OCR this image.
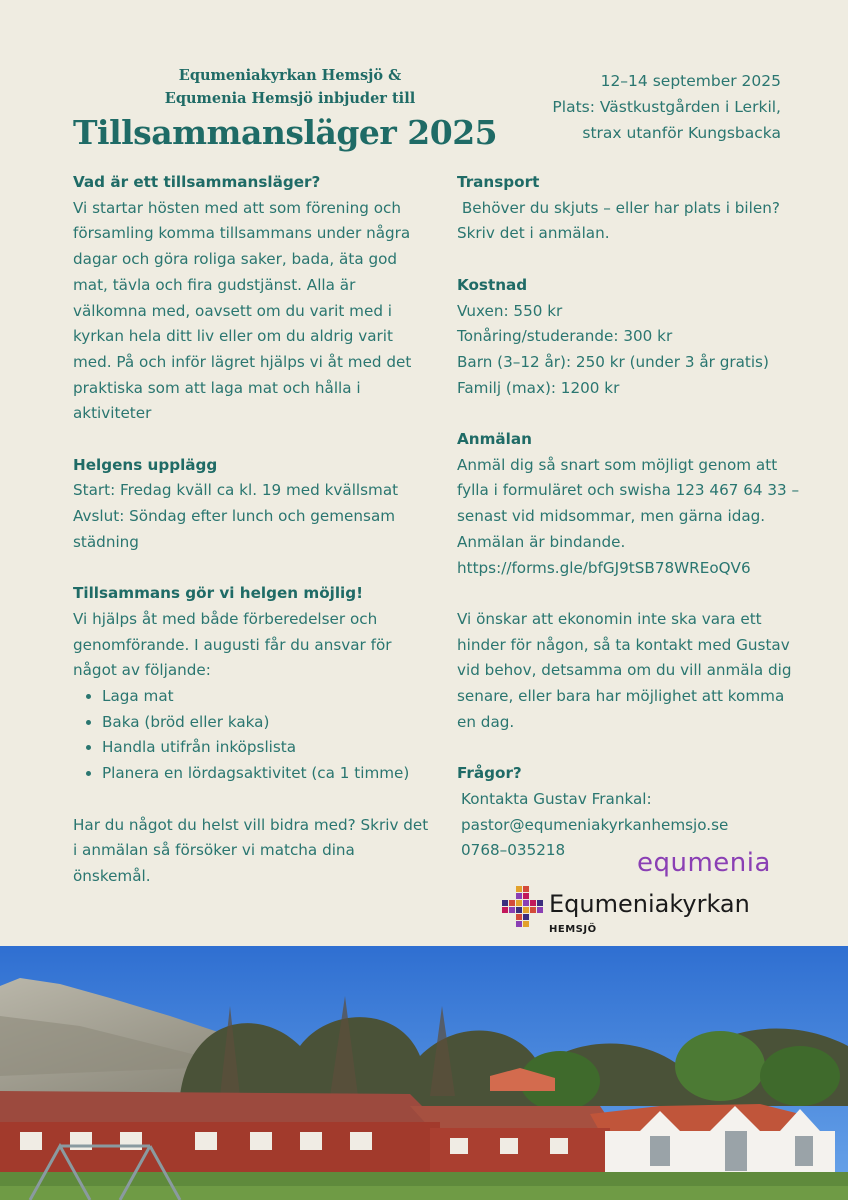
Equmeniakyrkan Hemsjö &
Equmenia Hemsjö inbjuder till
Tillsammansläger 2025
12–14 september 2025
Plats: Västkustgården i Lerkil,
strax utanför Kungsbacka
Vad är ett tillsammansläger?

Vi startar hösten med att som förening och församling komma tillsammans under några dagar och göra roliga saker, bada, äta god mat, tävla och fira gudstjänst. Alla är välkomna med, oavsett om du varit med i kyrkan hela ditt liv eller om du aldrig varit med. På och inför lägret hjälps vi åt med det praktiska som att laga mat och hålla i aktiviteter

Helgens upplägg

Start: Fredag kväll ca kl. 19 med kvällsmat

Avslut: Söndag efter lunch och gemensam städning

Tillsammans gör vi helgen möjlig!

Vi hjälps åt med både förberedelser och genomförande. I augusti får du ansvar för något av följande:

• Laga mat
• Baka (bröd eller kaka)
• Handla utifrån inköpslista
• Planera en lördagsaktivitet (ca 1 timme)

Har du något du helst vill bidra med? Skriv det i anmälan så försöker vi matcha dina önskemål.

Transport

Behöver du skjuts – eller har plats i bilen? Skriv det i anmälan.

Kostnad

Vuxen: 550 kr

Tonåring/studerande: 300 kr

Barn (3–12 år): 250 kr (under 3 år gratis)

Familj (max): 1200 kr

Anmälan

Anmäl dig så snart som möjligt genom att fylla i formuläret och swisha 123 467 64 33 – senast vid midsommar, men gärna idag. Anmälan är bindande.

https://forms.gle/bfGJ9tSB78WREoQV6

Vi önskar att ekonomin inte ska vara ett hinder för någon, så ta kontakt med Gustav vid behov, detsamma om du vill anmäla dig senare, eller bara har möjlighet att komma en dag.

Frågor?

Kontakta Gustav Frankal:

pastor@equmeniakyrkanhemsjo.se

0768–035218	equmenia
Equmeniakyrkan
HEMSJÖ
